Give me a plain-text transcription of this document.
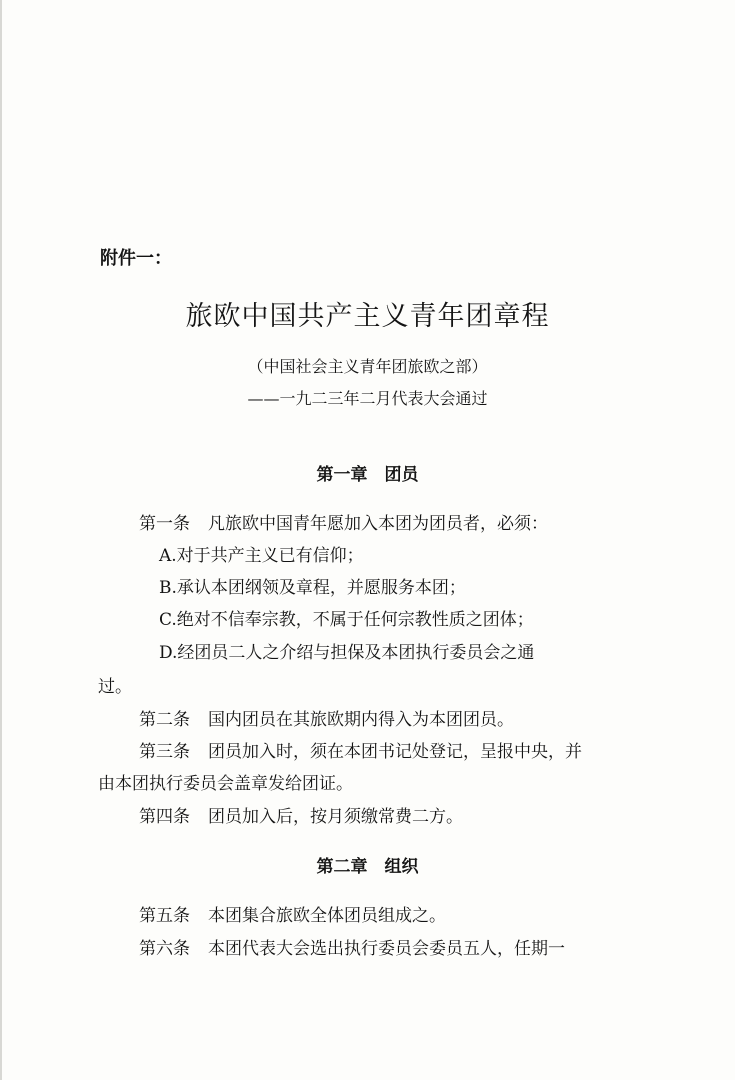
附件一：
旅欧中国共产主义青年团章程
（中国社会主义青年团旅欧之部）
——一九二三年二月代表大会通过
第一章　团员
第一条 凡旅欧中国青年愿加入本团为团员者，必须：
A.对于共产主义已有信仰；
B.承认本团纲领及章程，并愿服务本团；
C.绝对不信奉宗教，不属于任何宗教性质之团体；
D.经团员二人之介绍与担保及本团执行委员会之通
过。
第二条 国内团员在其旅欧期内得入为本团团员。
第三条 团员加入时，须在本团书记处登记，呈报中央，并
由本团执行委员会盖章发给团证。
第四条 团员加入后，按月须缴常费二方。
第二章　组织
第五条 本团集合旅欧全体团员组成之。
第六条 本团代表大会选出执行委员会委员五人，任期一
